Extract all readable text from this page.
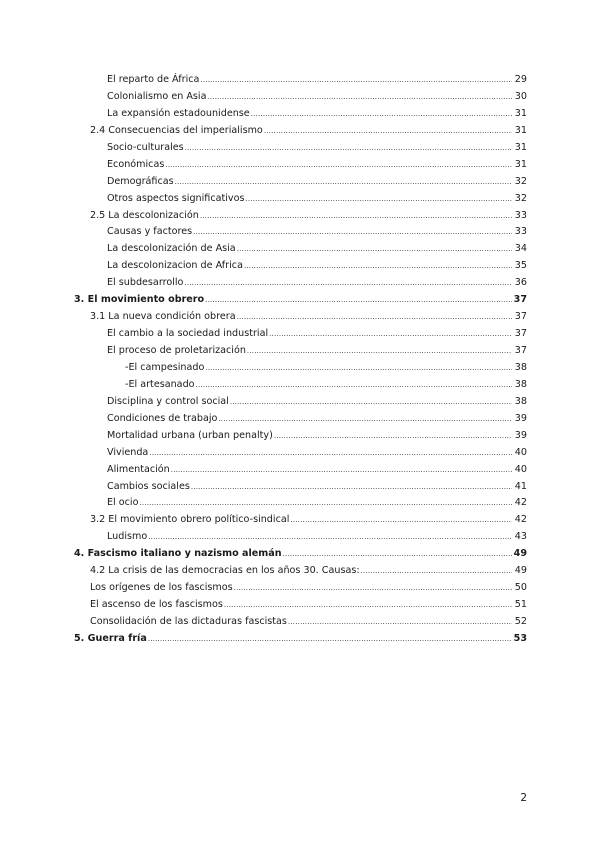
El reparto de África .....	29
Colonialismo en Asia .....	30
La expansión estadounidense .....	31
2.4 Consecuencias del imperialismo .....	31
Socio-culturales .....	31
Económicas .....	31
Demográficas .....	32
Otros aspectos significativos .....	32
2.5 La descolonización .....	33
Causas y factores .....	33
La descolonización de Asia .....	34
La descolonizacion de Africa .....	35
El subdesarrollo .....	36
3. El movimiento obrero .....	37
3.1 La nueva condición obrera .....	37
El cambio a la sociedad industrial .....	37
El proceso de proletarización .....	37
-El campesinado .....	38
-El artesanado .....	38
Disciplina y control social .....	38
Condiciones de trabajo .....	39
Mortalidad urbana (urban penalty) .....	39
Vivienda .....	40
Alimentación .....	40
Cambios sociales .....	41
El ocio .....	42
3.2 El movimiento obrero político-sindical .....	42
Ludismo .....	43
4. Fascismo italiano y nazismo alemán .....	49
4.2 La crisis de las democracias en los años 30. Causas: .....	49
Los orígenes de los fascismos .....	50
El ascenso de los fascismos .....	51
Consolidación de las dictaduras fascistas .....	52
5. Guerra fría .....	53
2
